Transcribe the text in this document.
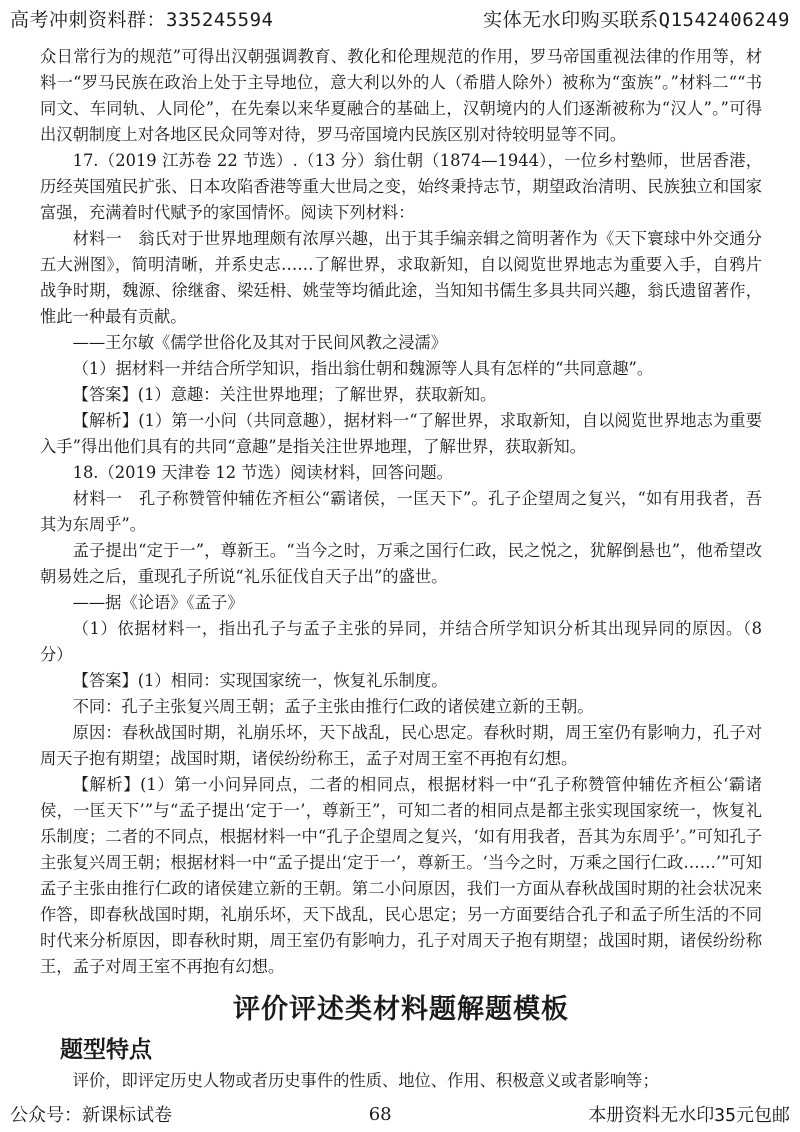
高考冲刺资料群：335245594	实体无水印购买联系Q1542406249

众日常行为的规范”可得出汉朝强调教育、教化和伦理规范的作用，罗马帝国重视法律的作用等，材料一“罗马民族在政治上处于主导地位，意大利以外的人（希腊人除外）被称为“蛮族”。”材料二““书同文、车同轨、人同伦”，在先秦以来华夏融合的基础上，汉朝境内的人们逐渐被称为“汉人”。”可得出汉朝制度上对各地区民众同等对待，罗马帝国境内民族区别对待较明显等不同。

17.（2019 江苏卷 22 节选）.（13 分）翁仕朝（1874—1944），一位乡村塾师，世居香港，历经英国殖民扩张、日本攻陷香港等重大世局之变，始终秉持志节，期望政治清明、民族独立和国家富强，充满着时代赋予的家国情怀。阅读下列材料：

材料一　翁氏对于世界地理颇有浓厚兴趣，出于其手编亲辑之简明著作为《天下寰球中外交通分五大洲图》，简明清晰，并系史志……了解世界，求取新知，自以阅览世界地志为重要入手，自鸦片战争时期，魏源、徐继畬、梁廷枏、姚莹等均循此途，当知知书儒生多具共同兴趣，翁氏遗留著作，惟此一种最有贡献。

——王尔敏《儒学世俗化及其对于民间风教之浸濡》

（1）据材料一并结合所学知识，指出翁仕朝和魏源等人具有怎样的“共同意趣”。

【答案】(1）意趣：关注世界地理；了解世界，获取新知。

【解析】(1）第一小问（共同意趣），据材料一“了解世界，求取新知，自以阅览世界地志为重要入手”得出他们具有的共同“意趣”是指关注世界地理，了解世界，获取新知。

18.（2019 天津卷 12 节选）阅读材料，回答问题。

材料一　孔子称赞管仲辅佐齐桓公“霸诸侯，一匡天下”。孔子企望周之复兴，“如有用我者，吾其为东周乎”。

孟子提出“定于一”，尊新王。“当今之时，万乘之国行仁政，民之悦之，犹解倒悬也”，他希望改朝易姓之后，重现孔子所说“礼乐征伐自天子出”的盛世。

——据《论语》《孟子》

（1）依据材料一，指出孔子与孟子主张的异同，并结合所学知识分析其出现异同的原因。（8 分）

【答案】(1）相同：实现国家统一，恢复礼乐制度。

不同：孔子主张复兴周王朝；孟子主张由推行仁政的诸侯建立新的王朝。

原因：春秋战国时期，礼崩乐坏，天下战乱，民心思定。春秋时期，周王室仍有影响力，孔子对周天子抱有期望；战国时期，诸侯纷纷称王，孟子对周王室不再抱有幻想。

【解析】(1）第一小问异同点，二者的相同点，根据材料一中“孔子称赞管仲辅佐齐桓公‘霸诸侯，一匡天下’”与“孟子提出‘定于一’，尊新王”，可知二者的相同点是都主张实现国家统一，恢复礼乐制度；二者的不同点，根据材料一中“孔子企望周之复兴，‘如有用我者，吾其为东周乎’。”可知孔子主张复兴周王朝；根据材料一中“孟子提出‘定于一’，尊新王。‘当今之时，万乘之国行仁政……’”可知孟子主张由推行仁政的诸侯建立新的王朝。第二小问原因，我们一方面从春秋战国时期的社会状况来作答，即春秋战国时期，礼崩乐坏，天下战乱，民心思定；另一方面要结合孔子和孟子所生活的不同时代来分析原因，即春秋时期，周王室仍有影响力，孔子对周天子抱有期望；战国时期，诸侯纷纷称王，孟子对周王室不再抱有幻想。

评价评述类材料题解题模板
题型特点

评价，即评定历史人物或者历史事件的性质、地位、作用、积极意义或者影响等；

公众号：新课标试卷	68	本册资料无水印35元包邮
